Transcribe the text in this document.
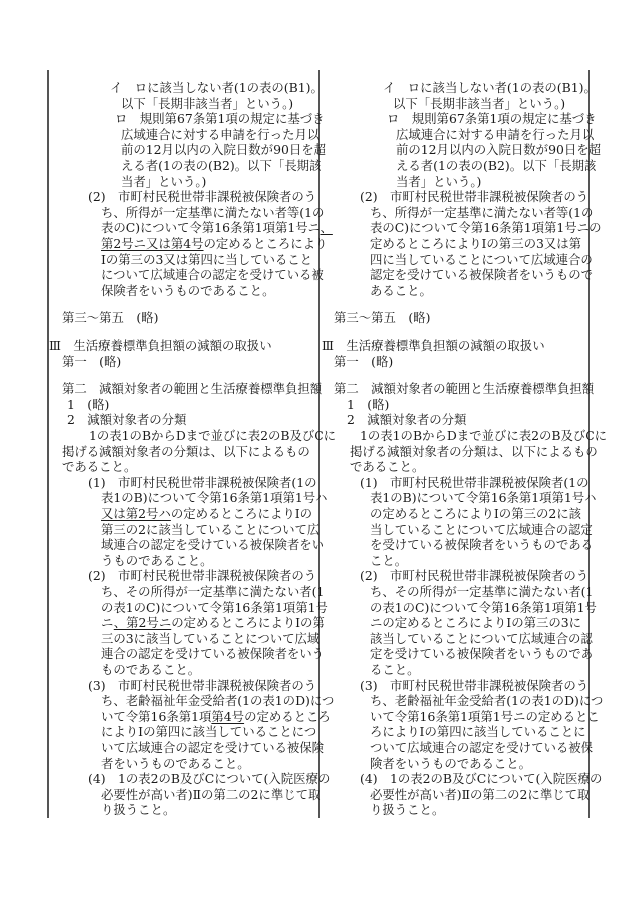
イ　ロに該当しない者(1の表の(B1)。
以下「長期非該当者」という。)
ロ　規則第67条第1項の規定に基づき
広域連合に対する申請を行った月以
前の12月以内の入院日数が90日を超
える者(1の表の(B2)。以下「長期該
当者」という。)
(2)　市町村民税世帯非課税被保険者のう
ち、所得が一定基準に満たない者等(1の
表のC)について令第16条第1項第1号ニ、
第2号ニ又は第4号の定めるところにより
Ⅰの第三の3又は第四に当していること
について広域連合の認定を受けている被
保険者をいうものであること。
第三～第五　(略)
Ⅲ　生活療養標準負担額の減額の取扱い
第一　(略)
第二　減額対象者の範囲と生活療養標準負担額
1　(略)
2　減額対象者の分類
1の表1のBからDまで並びに表2のB及びCに
掲げる減額対象者の分類は、以下によるもの
であること。
(1)　市町村民税世帯非課税被保険者(1の
表1のB)について令第16条第1項第1号ハ
又は第2号ハの定めるところによりⅠの
第三の2に該当していることについて広
域連合の認定を受けている被保険者をい
うものであること。
(2)　市町村民税世帯非課税被保険者のう
ち、その所得が一定基準に満たない者(1
の表1のC)について令第16条第1項第1号
ニ、第2号ニの定めるところによりⅠの第
三の3に該当していることについて広域
連合の認定を受けている被保険者をいう
ものであること。
(3)　市町村民税世帯非課税被保険者のう
ち、老齢福祉年金受給者(1の表1のD)につ
いて令第16条第1項第4号の定めるところ
によりⅠの第四に該当していることにつ
いて広域連合の認定を受けている被保険
者をいうものであること。
(4)　1の表2のB及びCについて(入院医療の
必要性が高い者)Ⅱの第二の2に準じて取
り扱うこと。
イ　ロに該当しない者(1の表の(B1)。
以下「長期非該当者」という。)
ロ　規則第67条第1項の規定に基づき
広域連合に対する申請を行った月以
前の12月以内の入院日数が90日を超
える者(1の表の(B2)。以下「長期該
当者」という。)
(2)　市町村民税世帯非課税被保険者のう
ち、所得が一定基準に満たない者等(1の
表のC)について令第16条第1項第1号ニの
定めるところによりⅠの第三の3又は第
四に当していることについて広域連合の
認定を受けている被保険者をいうもので
あること。
第三～第五　(略)
Ⅲ　生活療養標準負担額の減額の取扱い
第一　(略)
第二　減額対象者の範囲と生活療養標準負担額
1　(略)
2　減額対象者の分類
1の表1のBからDまで並びに表2のB及びCに
掲げる減額対象者の分類は、以下によるもの
であること。
(1)　市町村民税世帯非課税被保険者(1の
表1のB)について令第16条第1項第1号ハ
の定めるところによりⅠの第三の2に該
当していることについて広域連合の認定
を受けている被保険者をいうものである
こと。
(2)　市町村民税世帯非課税被保険者のう
ち、その所得が一定基準に満たない者(1
の表1のC)について令第16条第1項第1号
ニの定めるところによりⅠの第三の3に
該当していることについて広域連合の認
定を受けている被保険者をいうものであ
ること。
(3)　市町村民税世帯非課税被保険者のう
ち、老齢福祉年金受給者(1の表1のD)につ
いて令第16条第1項第1号ニの定めるとこ
ろによりⅠの第四に該当していることに
ついて広域連合の認定を受けている被保
険者をいうものであること。
(4)　1の表2のB及びCについて(入院医療の
必要性が高い者)Ⅱの第二の2に準じて取
り扱うこと。
